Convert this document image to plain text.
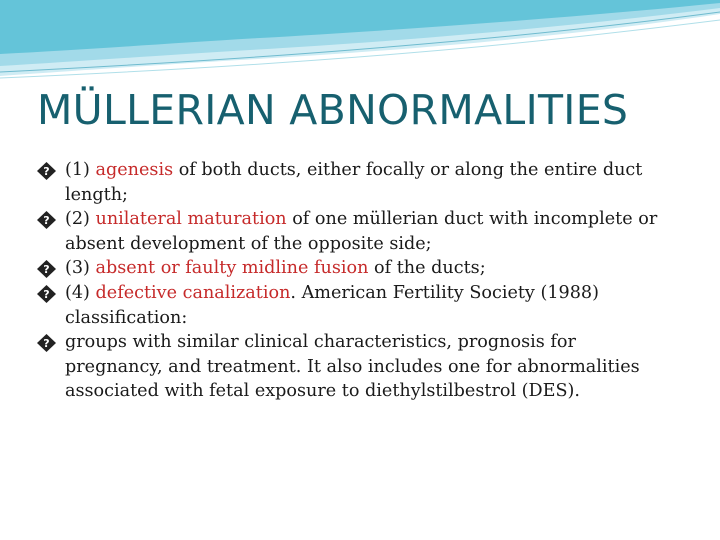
MÜLLERIAN ABNORMALITIES
? (1) agenesis of both ducts, either focally or along the entire duct length;
? (2) unilateral maturation of one müllerian duct with incomplete or absent development of the opposite side;
? (3) absent or faulty midline fusion of the ducts;
? (4) defective canalization. American Fertility Society (1988) classification:
? groups with similar clinical characteristics, prognosis for pregnancy, and treatment. It also includes one for abnormalities associated with fetal exposure to diethylstilbestrol (DES).
